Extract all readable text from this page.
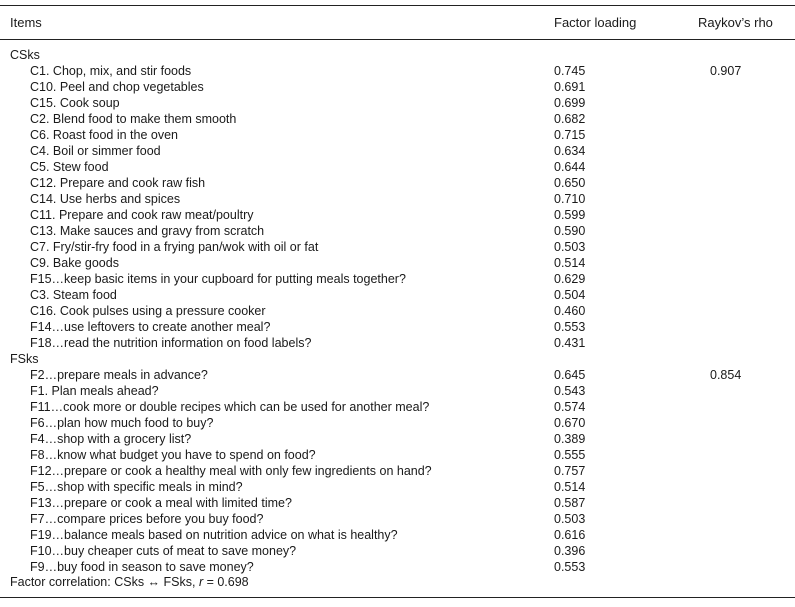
Items	Factor loading	Raykov’s rho
CSks
C1. Chop, mix, and stir foods	0.745	0.907
C10. Peel and chop vegetables	0.691
C15. Cook soup	0.699
C2. Blend food to make them smooth	0.682
C6. Roast food in the oven	0.715
C4. Boil or simmer food	0.634
C5. Stew food	0.644
C12. Prepare and cook raw fish	0.650
C14. Use herbs and spices	0.710
C11. Prepare and cook raw meat/poultry	0.599
C13. Make sauces and gravy from scratch	0.590
C7. Fry/stir-fry food in a frying pan/wok with oil or fat	0.503
C9. Bake goods	0.514
F15…keep basic items in your cupboard for putting meals together?	0.629
C3. Steam food	0.504
C16. Cook pulses using a pressure cooker	0.460
F14…use leftovers to create another meal?	0.553
F18…read the nutrition information on food labels?	0.431
FSks
F2…prepare meals in advance?	0.645	0.854
F1. Plan meals ahead?	0.543
F11…cook more or double recipes which can be used for another meal?	0.574
F6…plan how much food to buy?	0.670
F4…shop with a grocery list?	0.389
F8…know what budget you have to spend on food?	0.555
F12…prepare or cook a healthy meal with only few ingredients on hand?	0.757
F5…shop with specific meals in mind?	0.514
F13…prepare or cook a meal with limited time?	0.587
F7…compare prices before you buy food?	0.503
F19…balance meals based on nutrition advice on what is healthy?	0.616
F10…buy cheaper cuts of meat to save money?	0.396
F9…buy food in season to save money?	0.553
Factor correlation: CSks ↔ FSks, r = 0.698
